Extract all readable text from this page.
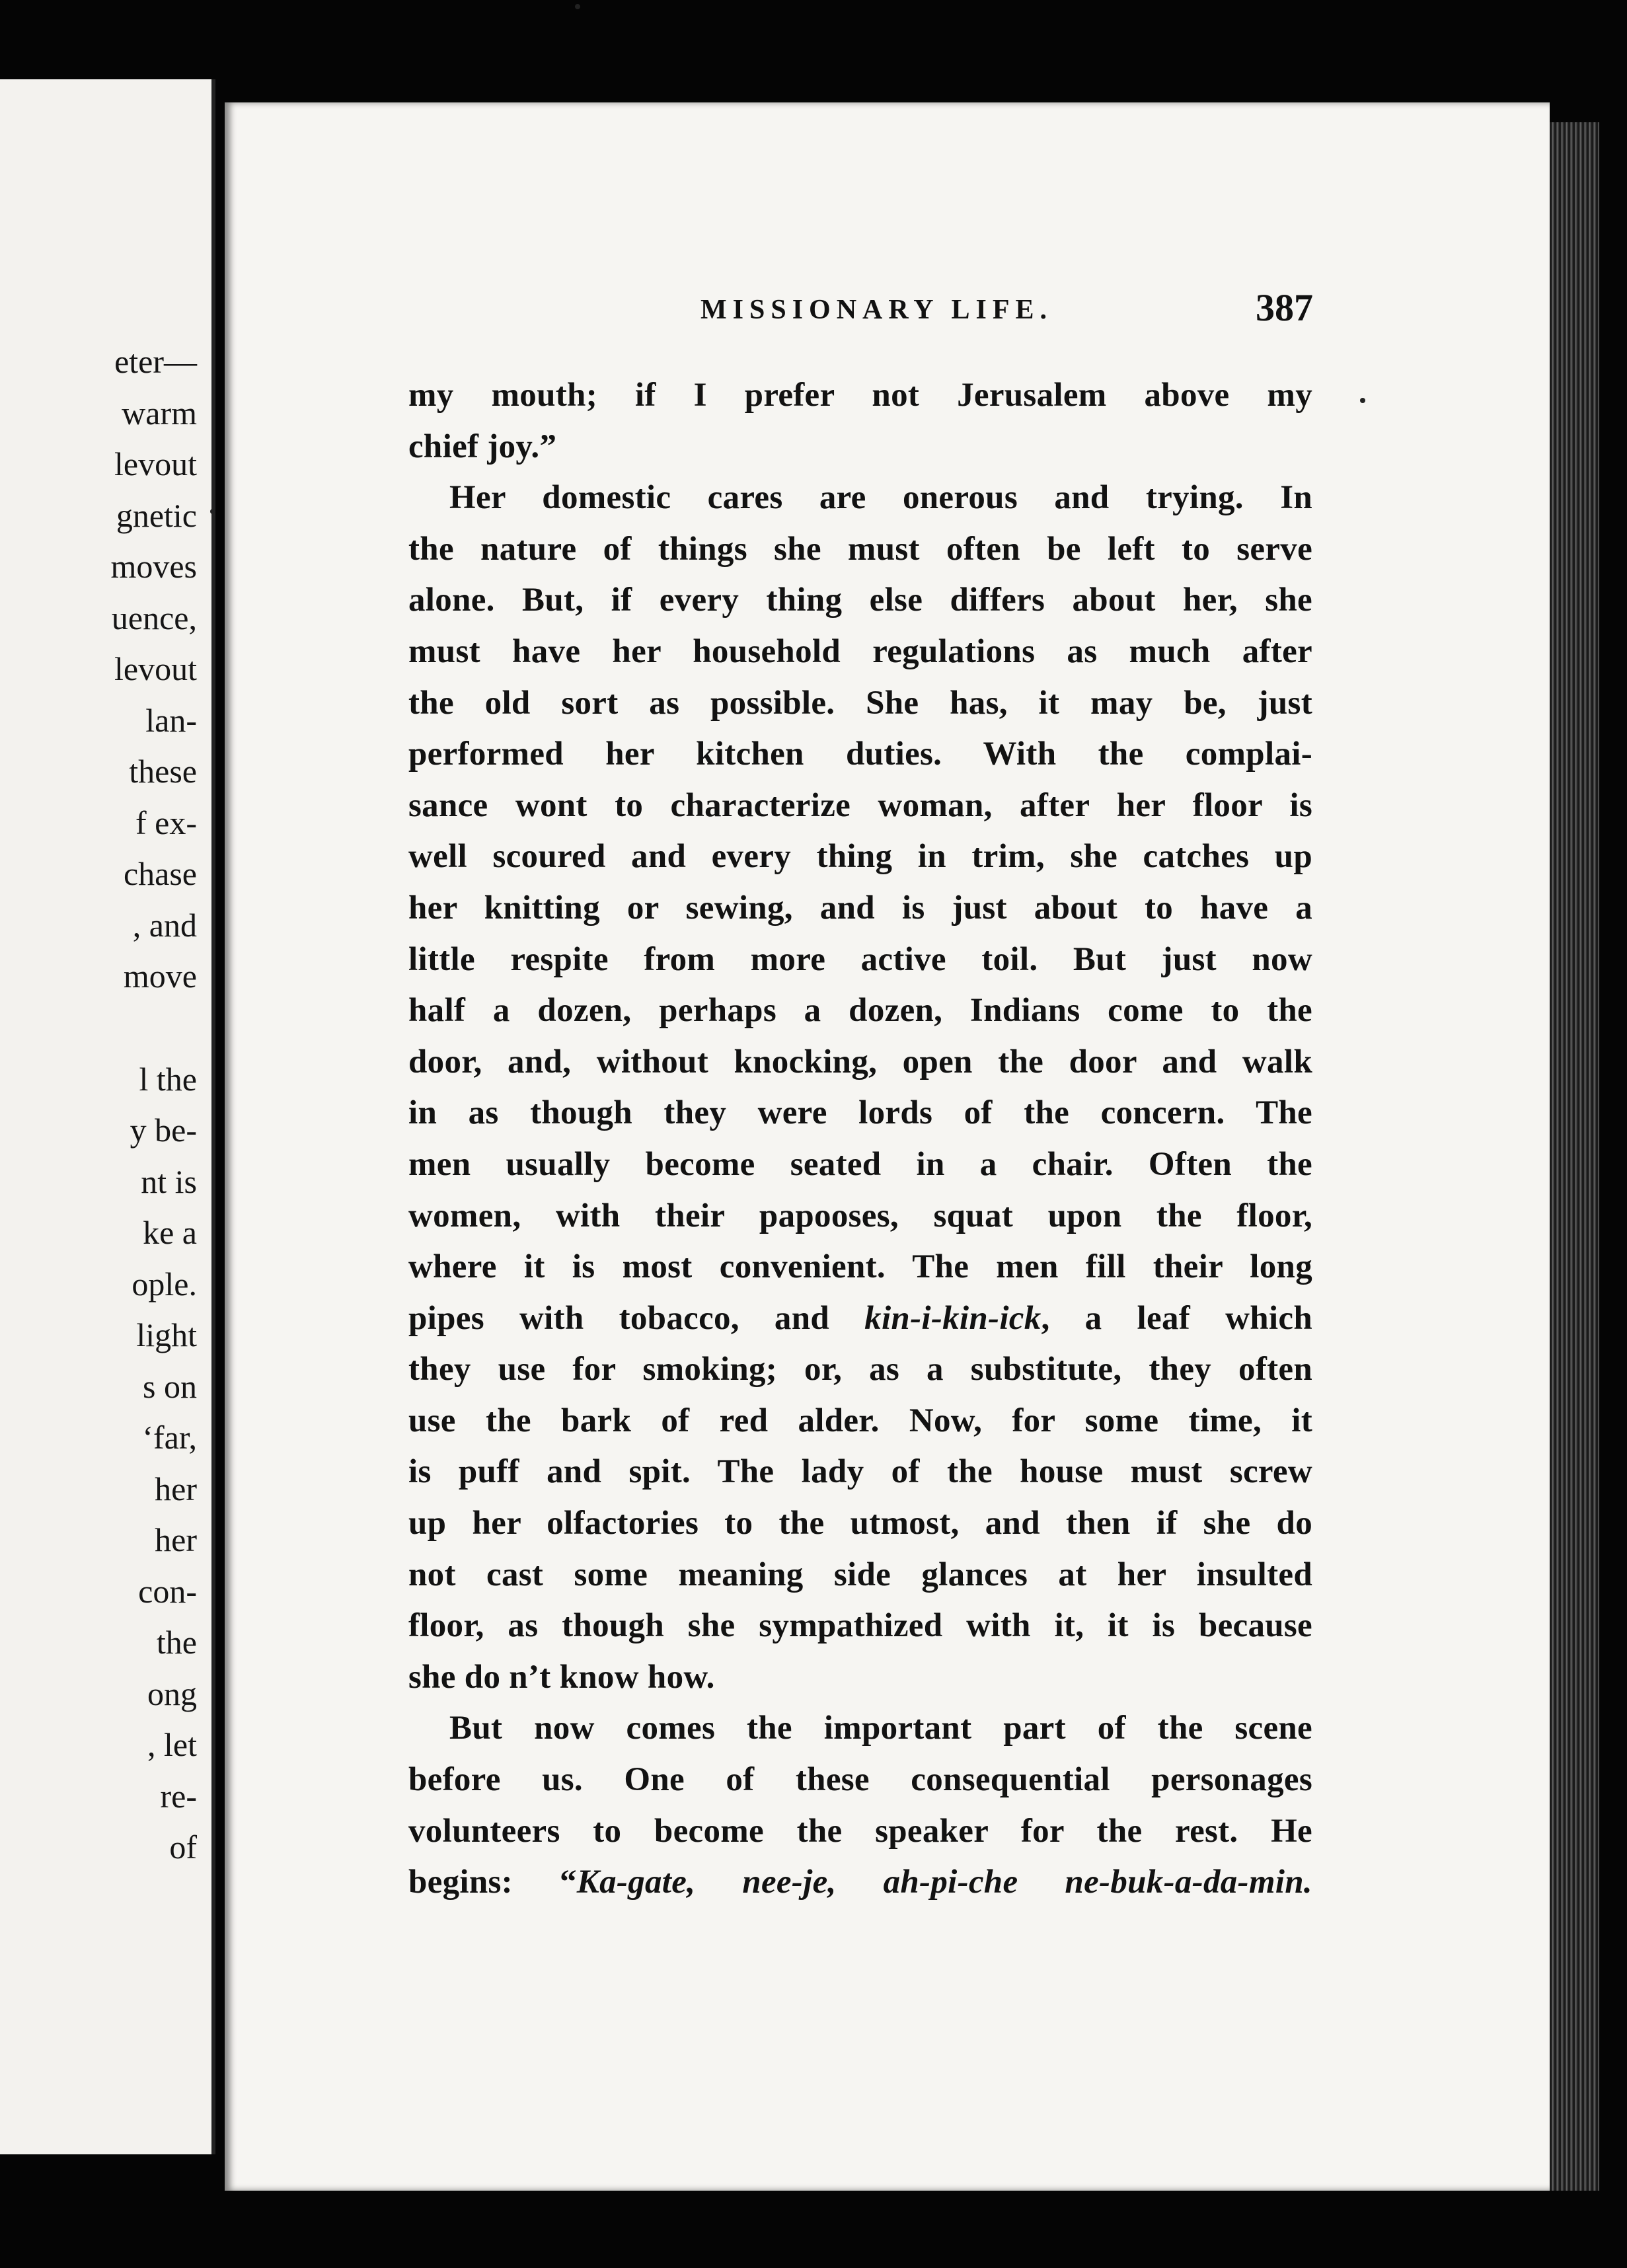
eter—
warm
levout
gnetic
moves
uence,
levout
lan-
these
f ex-
chase
, and
move
l the
y be-
nt is
ke a
ople.
light
s on
‘far,
her
her
con-
the
ong
, let
re-
of
MISSIONARY LIFE.	387
my mouth; if I prefer not Jerusalem above my
chief joy.”
Her domestic cares are onerous and trying. In
the nature of things she must often be left to serve
alone. But, if every thing else differs about her, she
must have her household regulations as much after
the old sort as possible. She has, it may be, just
performed her kitchen duties. With the complai-
sance wont to characterize woman, after her floor is
well scoured and every thing in trim, she catches up
her knitting or sewing, and is just about to have a
little respite from more active toil. But just now
half a dozen, perhaps a dozen, Indians come to the
door, and, without knocking, open the door and walk
in as though they were lords of the concern. The
men usually become seated in a chair. Often the
women, with their papooses, squat upon the floor,
where it is most convenient. The men fill their long
pipes with tobacco, and kin-i-kin-ick, a leaf which
they use for smoking; or, as a substitute, they often
use the bark of red alder. Now, for some time, it
is puff and spit. The lady of the house must screw
up her olfactories to the utmost, and then if she do
not cast some meaning side glances at her insulted
floor, as though she sympathized with it, it is because
she do n’t know how.
But now comes the important part of the scene
before us. One of these consequential personages
volunteers to become the speaker for the rest. He
begins: “Ka-gate, nee-je, ah-pi-che ne-buk-a-da-min.
